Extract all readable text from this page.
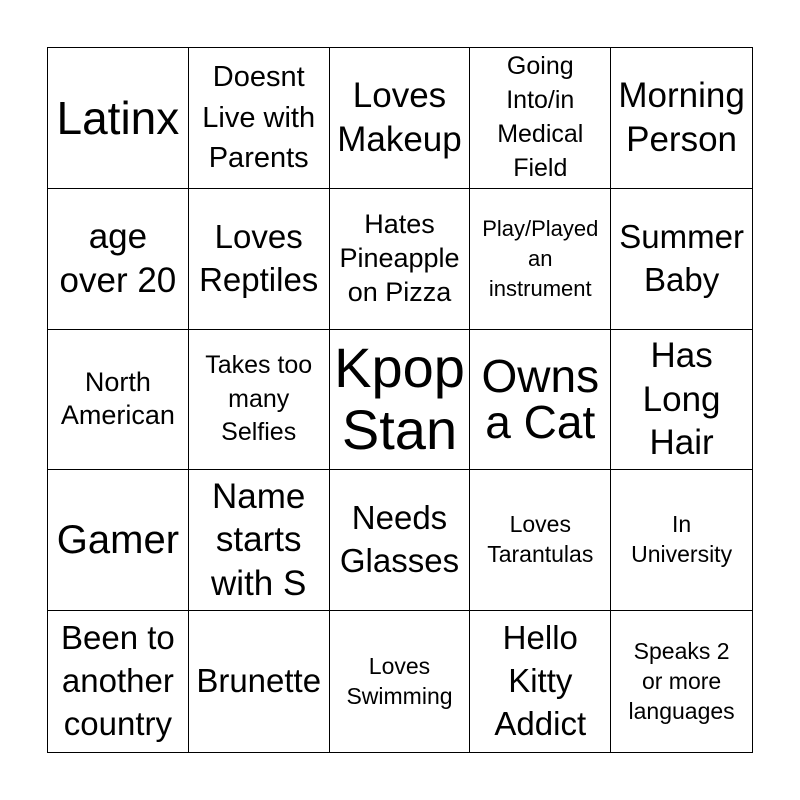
Latinx
Doesnt
Live with
Parents
Loves
Makeup
Going
Into/in
Medical
Field
Morning
Person
age
over 20
Loves
Reptiles
Hates
Pineapple
on Pizza
Play/Played
an
instrument
Summer
Baby
North
American
Takes too
many
Selfies
Kpop
Stan
Owns
a Cat
Has
Long
Hair
Gamer
Name
starts
with S
Needs
Glasses
Loves
Tarantulas
In
University
Been to
another
country
Brunette	Loves
Swimming
Hello
Kitty
Addict
Speaks 2
or more
languages
